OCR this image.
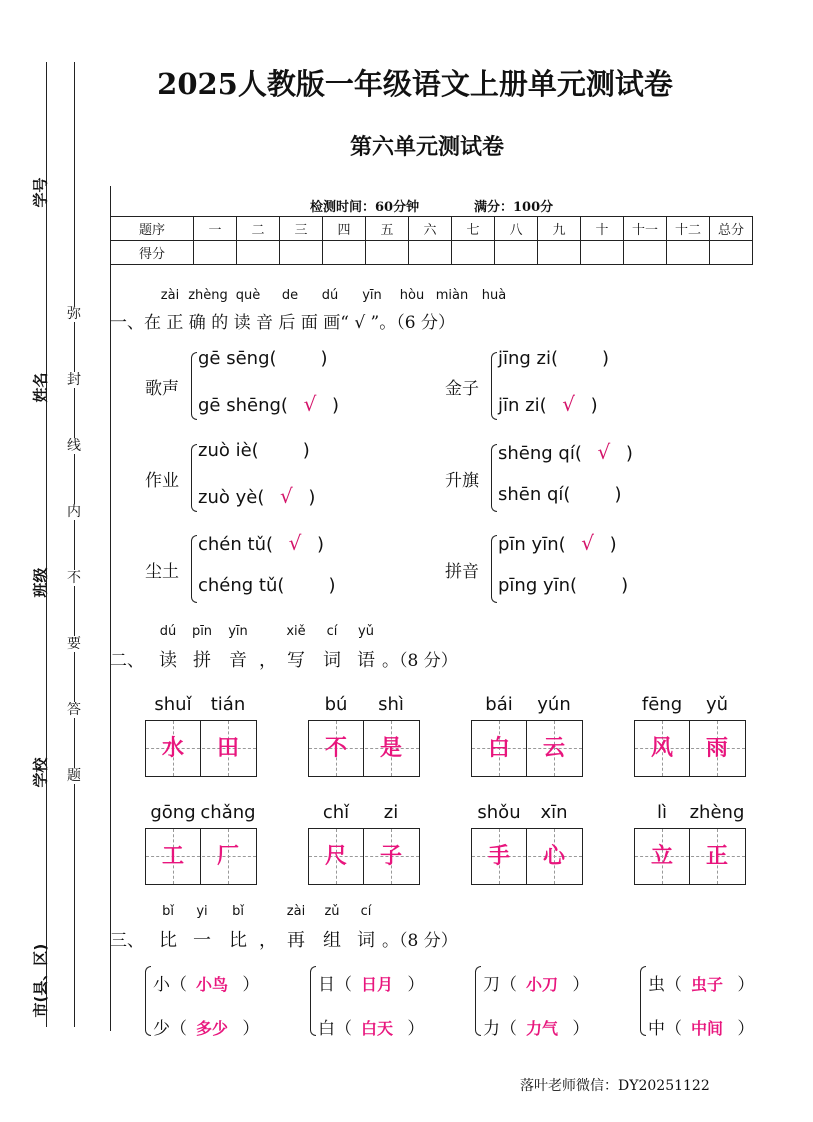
学号
姓名
班级
学校
市(县、区)
弥
封
线
内
不
要
答
题
2025人教版一年级语文上册单元测试卷
第六单元测试卷
检测时间：60分钟	满分：100分
题序	一	二	三	四	五	六	七	八	九	十	十一	十二	总分
得分													
一、在 正 确 的 读 音 后 面 画“ √ ”。（6 分）
zài zhèng què	de	dú	yīn	hòu miàn	huà
歌声
gē sēng( )
gē shēng( √ )
金子
jīng zi( )
jīn zi( √ )
作业
zuò iè( )
zuò yè( √ )
升旗
shēng qí( √ )
shēn qí( )
尘土
chén tǔ( √ )
chéng tǔ( )
拼音
pīn yīn( √ )
pīng yīn( )
二、 读 拼	音 ， 写	词 语 。（8 分）
dú	pīn	yīn	xiě	cí	yǔ
shuǐ	tián
水	田
bú	shì
不	是
bái	yún
白	云
fēng	yǔ
风	雨
gōng chǎng
工	厂
chǐ	zi
尺	子
shǒu	xīn
手	心
lì	zhèng
立	正
三、 比 一	比 ， 再	组 词 。（8 分）
bǐ	yi	bǐ	zài	zǔ	cí
小（ 小鸟 ）
少（ 多少 ）
日（ 日月 ）
白（ 白天 ）
刀（ 小刀 ）
力（ 力气 ）
虫（ 虫子 ）
中（ 中间 ）
落叶老师微信：DY20251122
